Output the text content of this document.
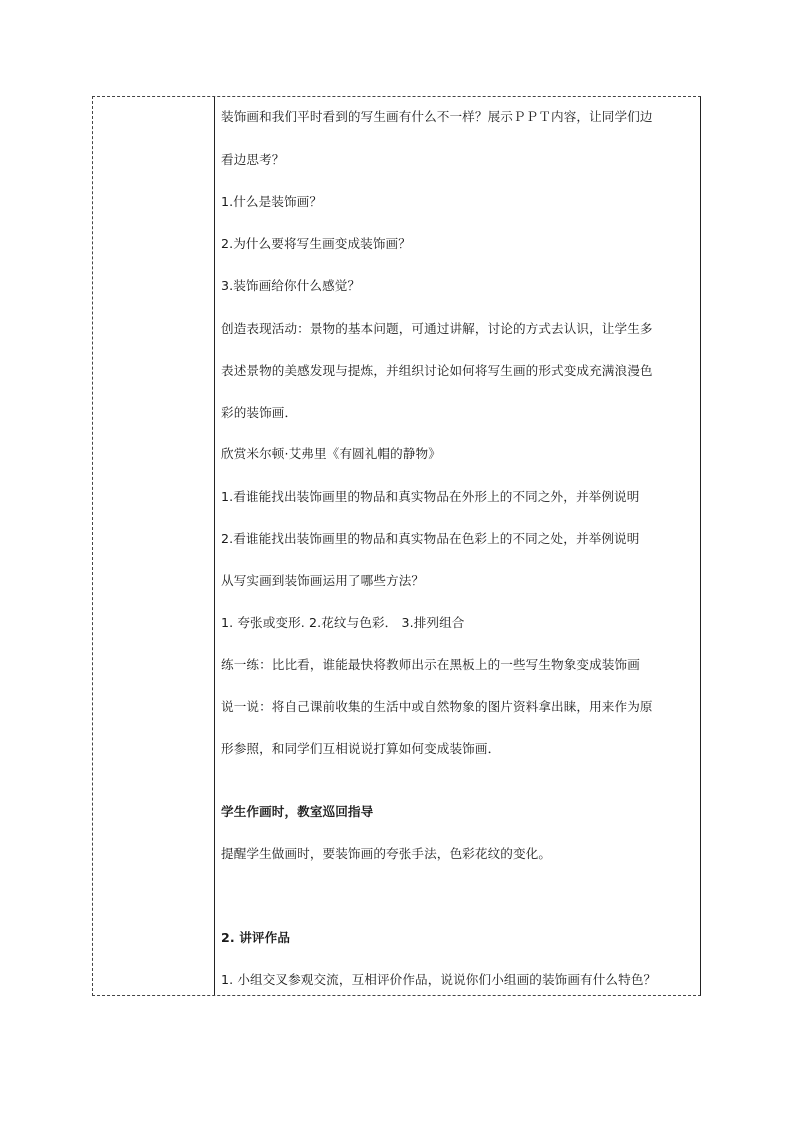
装饰画和我们平时看到的写生画有什么不一样？展示ＰＰＴ内容，让同学们边
看边思考？
1.什么是装饰画？
2.为什么要将写生画变成装饰画？
3.装饰画给你什么感觉？
创造表现活动：景物的基本问题，可通过讲解，讨论的方式去认识，让学生多
表述景物的美感发现与提炼，并组织讨论如何将写生画的形式变成充满浪漫色
彩的装饰画．
欣赏米尔顿·艾弗里《有圆礼帽的静物》
1.看谁能找出装饰画里的物品和真实物品在外形上的不同之外，并举例说明
2.看谁能找出装饰画里的物品和真实物品在色彩上的不同之处，并举例说明
从写实画到装饰画运用了哪些方法？
1. 夸张或变形. 2.花纹与色彩． 3.排列组合
练一练：比比看，谁能最快将教师出示在黑板上的一些写生物象变成装饰画
说一说：将自己课前收集的生活中或自然物象的图片资料拿出睐，用来作为原
形参照，和同学们互相说说打算如何变成装饰画．
学生作画时，教室巡回指导
提醒学生做画时，要装饰画的夸张手法，色彩花纹的变化。
2. 讲评作品
1. 小组交叉参观交流，互相评价作品，说说你们小组画的装饰画有什么特色？
